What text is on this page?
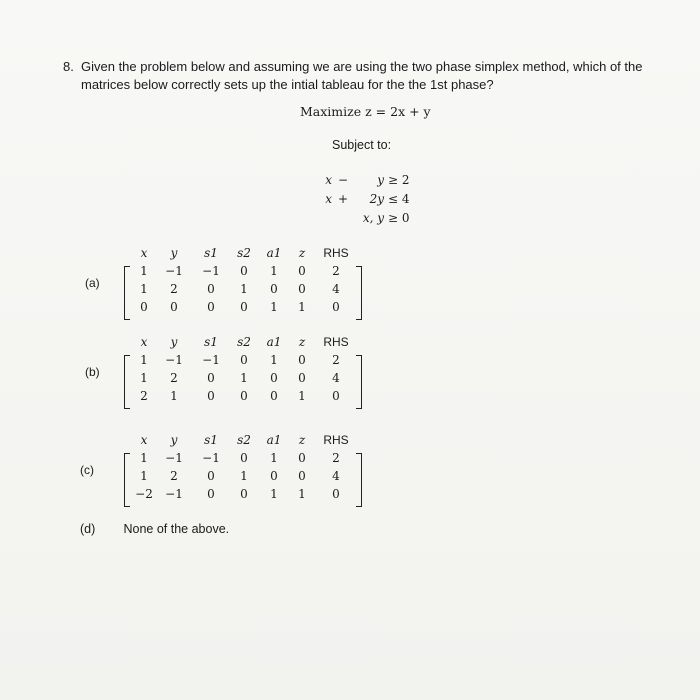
8. Given the problem below and assuming we are using the two phase simplex method, which of the matrices below correctly sets up the intial tableau for the the 1st phase?
Maximize z = 2x + y
Subject to:
x −	y ≥ 2
x +	2y ≤ 4
x, y ≥ 0
(a)
x	y	s1	s2	a1	z	RHS
1	−1	−1	0	1	0	2
1	2	0	1	0	0	4
0	0	0	0	1	1	0
(b)
x	y	s1	s2	a1	z	RHS
1	−1	−1	0	1	0	2
1	2	0	1	0	0	4
2	1	0	0	0	1	0
(c)
x	y	s1	s2	a1	z	RHS
1	−1	−1	0	1	0	2
1	2	0	1	0	0	4
−2	−1	0	0	1	1	0
(d) None of the above.
